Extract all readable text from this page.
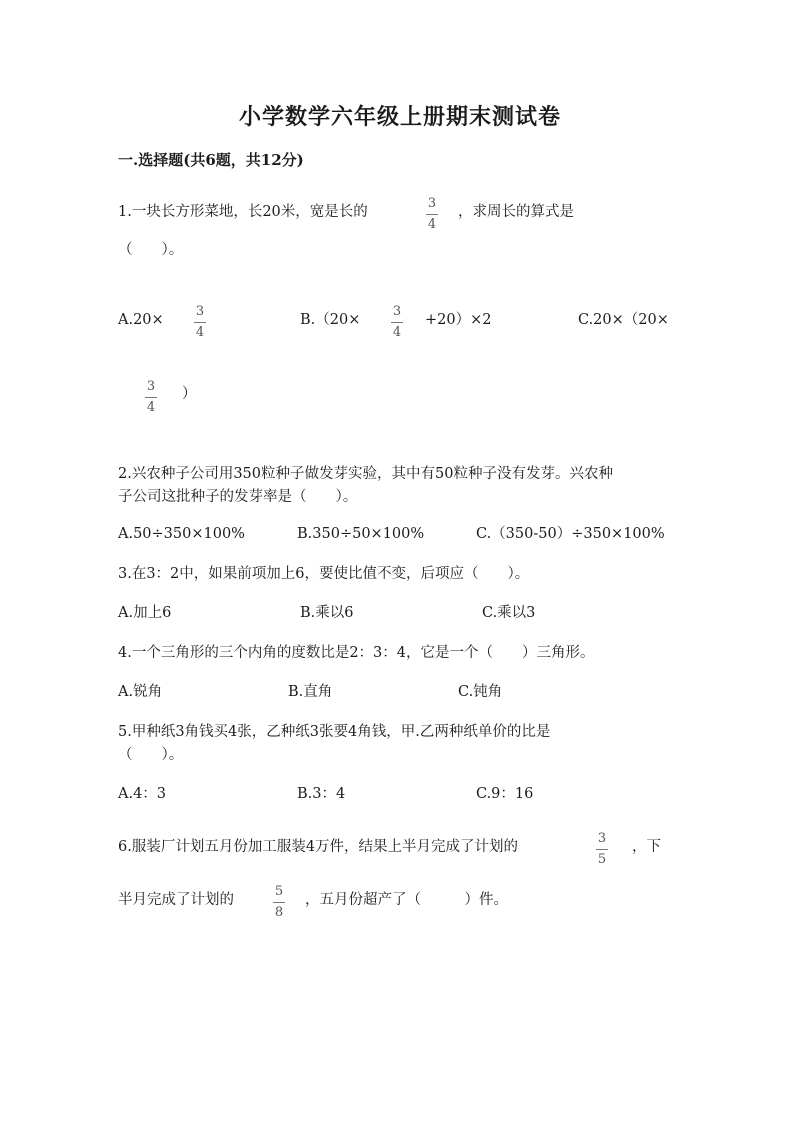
小学数学六年级上册期末测试卷
一.选择题(共6题，共12分)
1.一块长方形菜地，长20米，宽是长的
3
4
，求周长的算式是
（　　）。
A.20×
3
4
B.（20×
3
4
+20）×2	C.20×（20×
3
4
）
2.兴农种子公司用350粒种子做发芽实验，其中有50粒种子没有发芽。兴农种
子公司这批种子的发芽率是（　　）。
A.50÷350×100%	B.350÷50×100%	C.（350-50）÷350×100%
3.在3：2中，如果前项加上6，要使比值不变，后项应（　　）。
A.加上6	B.乘以6	C.乘以3
4.一个三角形的三个内角的度数比是2：3：4，它是一个（　　）三角形。
A.锐角	B.直角	C.钝角
5.甲种纸3角钱买4张，乙种纸3张要4角钱，甲.乙两种纸单价的比是
（　　）。
A.4：3	B.3：4	C.9：16
6.服装厂计划五月份加工服装4万件，结果上半月完成了计划的
3
5
，下
半月完成了计划的
5
8
，五月份超产了（　　　）件。
